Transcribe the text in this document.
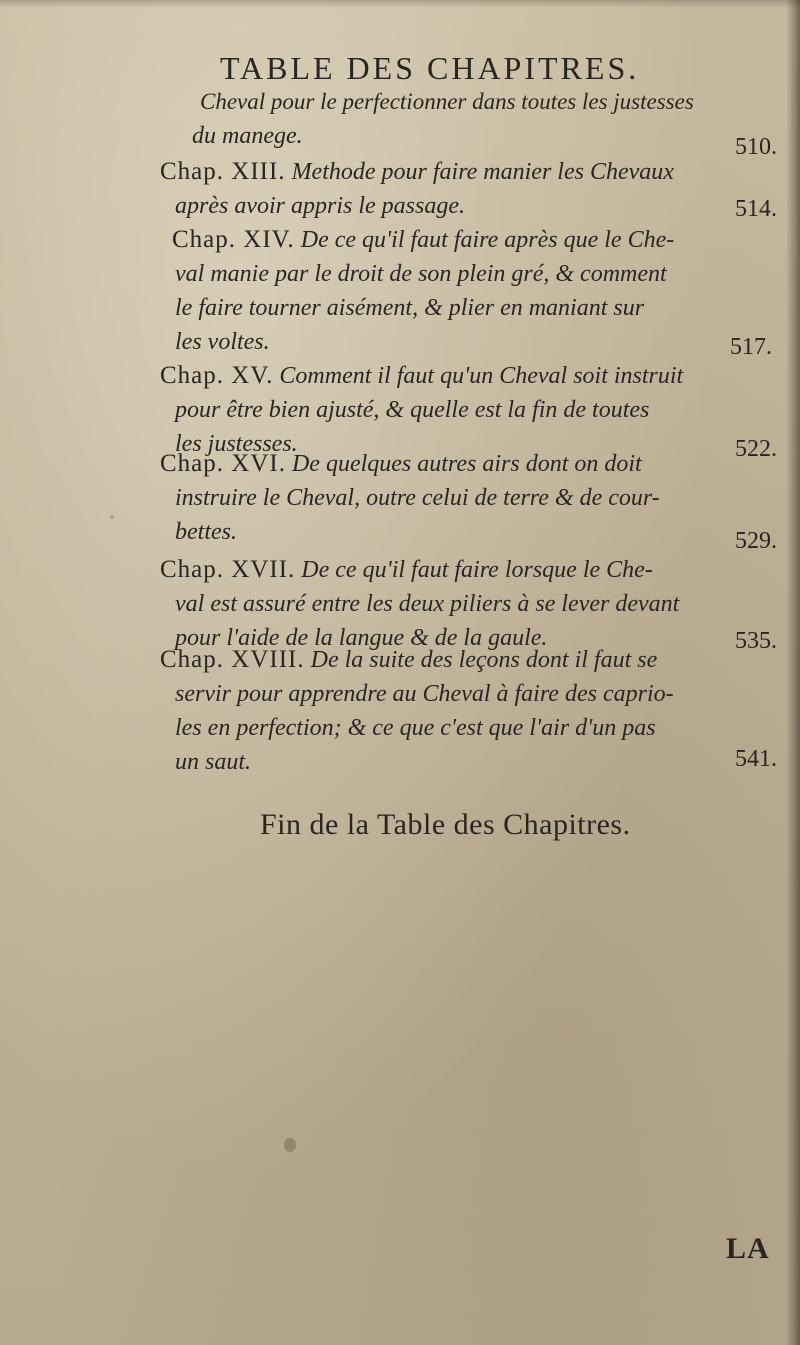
TABLE DES CHAPITRES.
Cheval pour le perfectionner dans toutes les justesses
du manege.	510.
Chap. XIII. Methode pour faire manier les Chevaux
après avoir appris le passage.	514.
Chap. XIV. De ce qu'il faut faire après que le Che-
val manie par le droit de son plein gré, & comment
le faire tourner aisément, & plier en maniant sur
les voltes.	517.
Chap. XV. Comment il faut qu'un Cheval soit instruit
pour être bien ajusté, & quelle est la fin de toutes
les justesses.	522.
Chap. XVI. De quelques autres airs dont on doit
instruire le Cheval, outre celui de terre & de cour-
bettes.	529.
Chap. XVII. De ce qu'il faut faire lorsque le Che-
val est assuré entre les deux piliers à se lever devant
pour l'aide de la langue & de la gaule.	535.
Chap. XVIII. De la suite des leçons dont il faut se
servir pour apprendre au Cheval à faire des caprio-
les en perfection; & ce que c'est que l'air d'un pas
un saut.	541.
Fin de la Table des Chapitres.
LA
